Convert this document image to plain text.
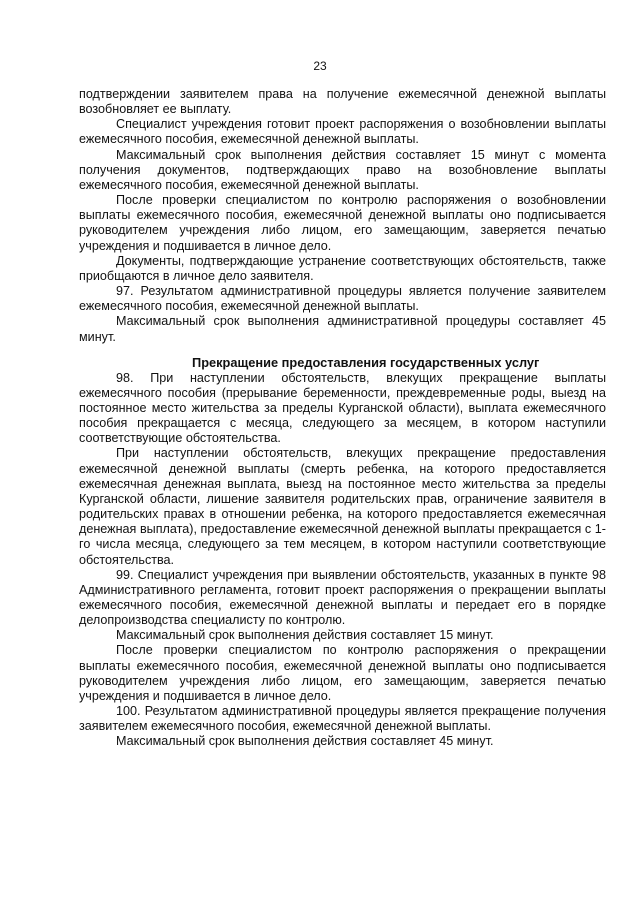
23

подтверждении заявителем права на получение ежемесячной денежной выплаты возобновляет ее выплату.

Специалист учреждения готовит проект распоряжения о возобновлении выплаты ежемесячного пособия, ежемесячной денежной выплаты.

Максимальный срок выполнения действия составляет 15 минут с момента получения документов, подтверждающих право на возобновление выплаты ежемесячного пособия, ежемесячной денежной выплаты.

После проверки специалистом по контролю распоряжения о возобновлении выплаты ежемесячного пособия, ежемесячной денежной выплаты оно подписывается руководителем учреждения либо лицом, его замещающим, заверяется печатью учреждения и подшивается в личное дело.

Документы, подтверждающие устранение соответствующих обстоятельств, также приобщаются в личное дело заявителя.

97. Результатом административной процедуры является получение заявителем ежемесячного пособия, ежемесячной денежной выплаты.

Максимальный срок выполнения административной процедуры составляет 45 минут.

Прекращение предоставления государственных услуг

98. При наступлении обстоятельств, влекущих прекращение выплаты ежемесячного пособия (прерывание беременности, преждевременные роды, выезд на постоянное место жительства за пределы Курганской области), выплата ежемесячного пособия прекращается с месяца, следующего за месяцем, в котором наступили соответствующие обстоятельства.

При наступлении обстоятельств, влекущих прекращение предоставления ежемесячной денежной выплаты (смерть ребенка, на которого предоставляется ежемесячная денежная выплата, выезд на постоянное место жительства за пределы Курганской области, лишение заявителя родительских прав, ограничение заявителя в родительских правах в отношении ребенка, на которого предоставляется ежемесячная денежная выплата), предоставление ежемесячной денежной выплаты прекращается с 1-го числа месяца, следующего за тем месяцем, в котором наступили соответствующие обстоятельства.

99. Специалист учреждения при выявлении обстоятельств, указанных в пункте 98 Административного регламента, готовит проект распоряжения о прекращении выплаты ежемесячного пособия, ежемесячной денежной выплаты и передает его в порядке делопроизводства специалисту по контролю.

Максимальный срок выполнения действия составляет 15 минут.

После проверки специалистом по контролю распоряжения о прекращении выплаты ежемесячного пособия, ежемесячной денежной выплаты оно подписывается руководителем учреждения либо лицом, его замещающим, заверяется печатью учреждения и подшивается в личное дело.

100. Результатом административной процедуры является прекращение получения заявителем ежемесячного пособия, ежемесячной денежной выплаты.

Максимальный срок выполнения действия составляет 45 минут.
